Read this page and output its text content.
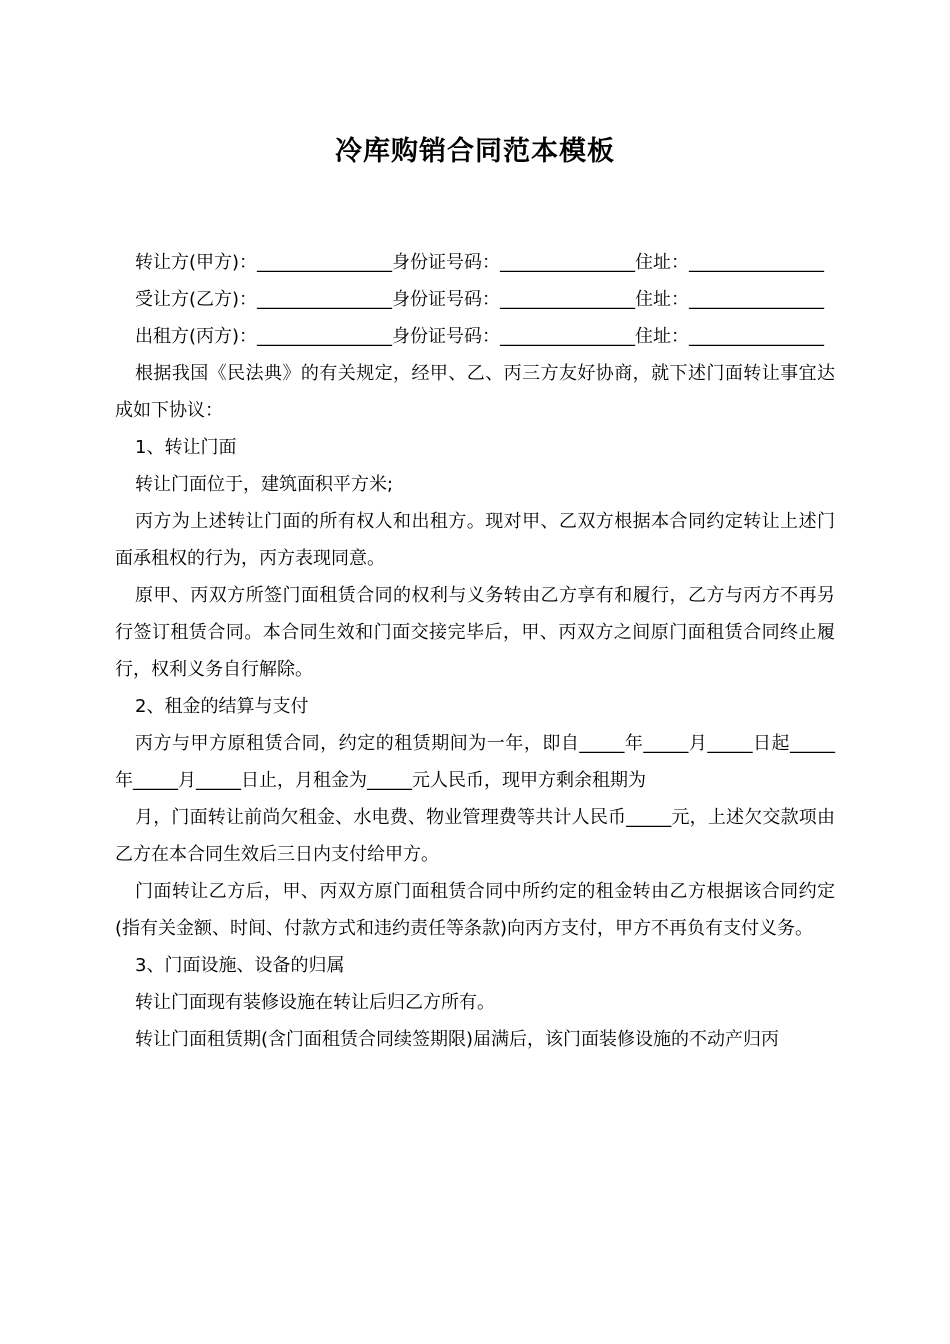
冷库购销合同范本模板

转让方(甲方)：_______________身份证号码：_______________住址：_______________

受让方(乙方)：_______________身份证号码：_______________住址：_______________

出租方(丙方)：_______________身份证号码：_______________住址：_______________

根据我国《民法典》的有关规定，经甲、乙、丙三方友好协商，就下述门面转让事宜达成如下协议：

1、转让门面

转让门面位于，建筑面积平方米;

丙方为上述转让门面的所有权人和出租方。现对甲、乙双方根据本合同约定转让上述门面承租权的行为，丙方表现同意。

原甲、丙双方所签门面租赁合同的权利与义务转由乙方享有和履行，乙方与丙方不再另行签订租赁合同。本合同生效和门面交接完毕后，甲、丙双方之间原门面租赁合同终止履行，权利义务自行解除。

2、租金的结算与支付

丙方与甲方原租赁合同，约定的租赁期间为一年，即自_____年_____月_____日起_____年_____月_____日止，月租金为_____元人民币，现甲方剩余租期为

月，门面转让前尚欠租金、水电费、物业管理费等共计人民币_____元，上述欠交款项由乙方在本合同生效后三日内支付给甲方。

门面转让乙方后，甲、丙双方原门面租赁合同中所约定的租金转由乙方根据该合同约定(指有关金额、时间、付款方式和违约责任等条款)向丙方支付，甲方不再负有支付义务。

3、门面设施、设备的归属

转让门面现有装修设施在转让后归乙方所有。

转让门面租赁期(含门面租赁合同续签期限)届满后，该门面装修设施的不动产归丙
